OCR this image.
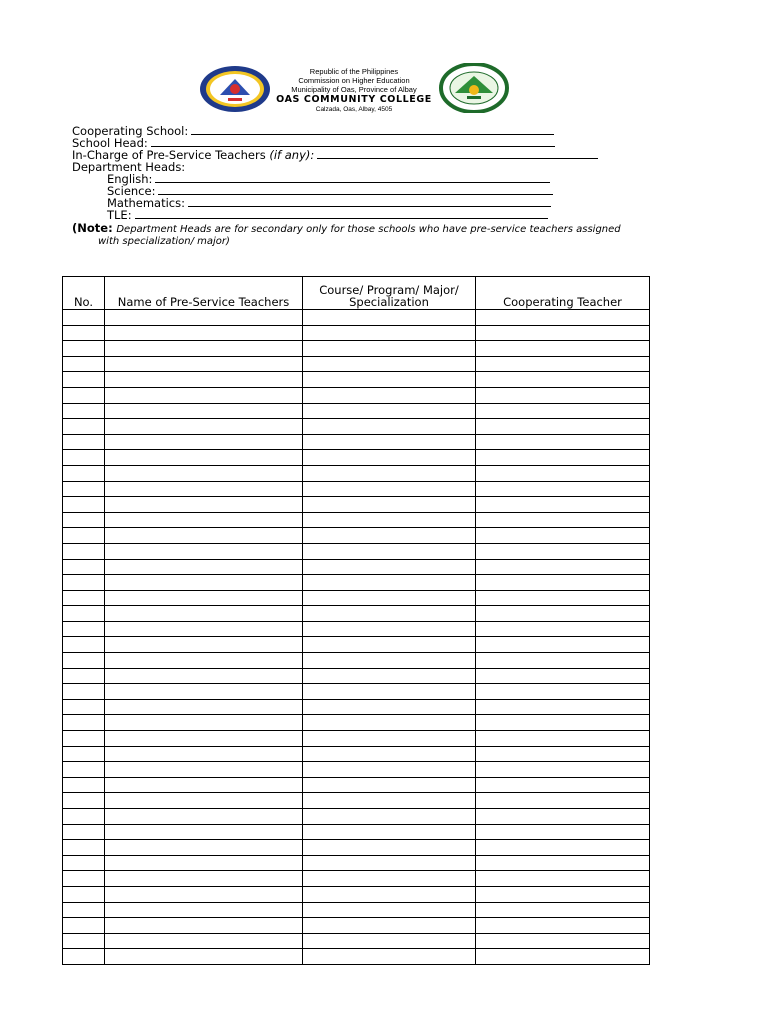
Republic of the Philippines
Commission on Higher Education
Municipality of Oas, Province of Albay
OAS COMMUNITY COLLEGE
Calzada, Oas, Albay, 4505
Cooperating School:
School Head:
In-Charge of Pre-Service Teachers (if any):
Department Heads:
English:
Science:
Mathematics:
TLE:
(Note: Department Heads are for secondary only for those schools who have pre-service teachers assigned
with specialization/ major)
No.	Name of Pre-Service Teachers	Course/ Program/ Major/ Specialization	Cooperating Teacher
